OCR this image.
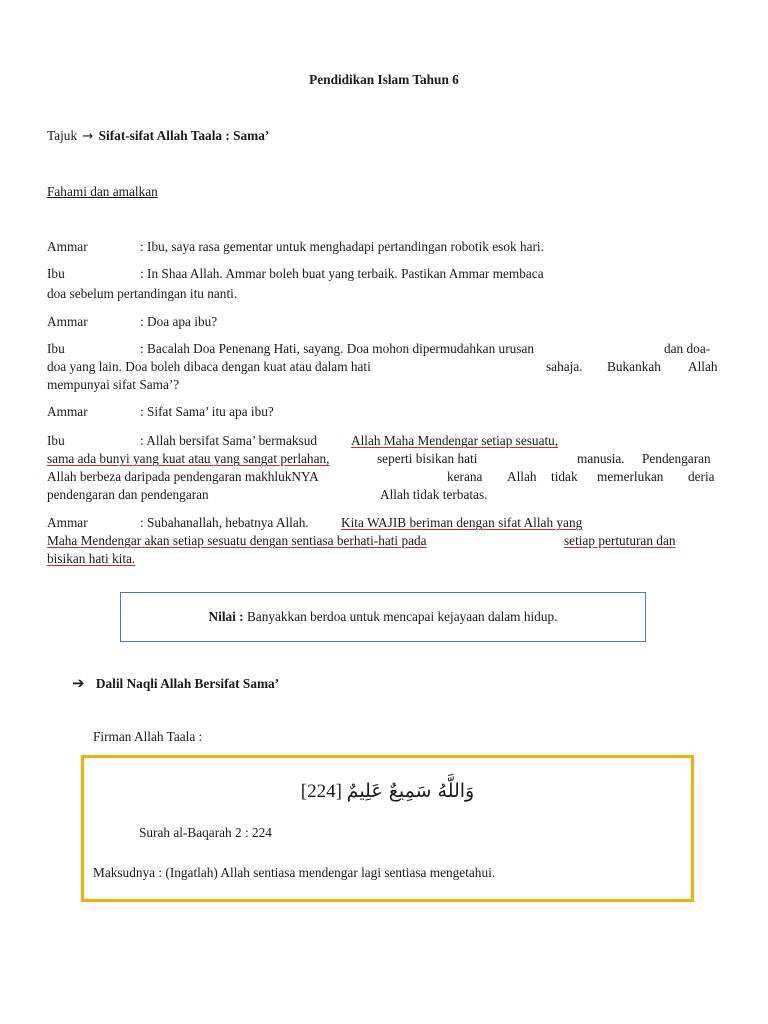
Pendidikan Islam Tahun 6
Tajuk → Sifat-sifat Allah Taala : Sama’
Fahami dan amalkan
Ammar	: Ibu, saya rasa gementar untuk menghadapi pertandingan robotik esok hari.
Ibu	: In Shaa Allah. Ammar boleh buat yang terbaik. Pastikan Ammar membaca
doa sebelum pertandingan itu nanti.
Ammar	: Doa apa ibu?
Ibu	: Bacalah Doa Penenang Hati, sayang. Doa mohon dipermudahkan urusan	dan doa-
doa yang lain. Doa boleh dibaca dengan kuat atau dalam hati	sahaja. Bukankah Allah
mempunyai sifat Sama’?
Ammar	: Sifat Sama’ itu apa ibu?
Ibu	: Allah bersifat Sama’ bermaksud	Allah Maha Mendengar setiap sesuatu,
sama ada bunyi yang kuat atau yang sangat perlahan,	seperti bisikan hati	manusia. Pendengaran
Allah berbeza daripada pendengaran makhlukNYA	kerana Allah tidak memerlukan deria
pendengaran dan pendengaran	Allah tidak terbatas.
Ammar	: Subahanallah, hebatnya Allah. Kita WAJIB beriman dengan sifat Allah yang
Maha Mendengar akan setiap sesuatu dengan sentiasa berhati-hati pada	setiap pertuturan dan
bisikan hati kita.
Nilai :
Banyakkan berdoa untuk mencapai kejayaan dalam hidup.
➔ Dalil Naqli Allah Bersifat Sama’
Firman Allah Taala :
[224] وَاللَّهُ سَمِيعٌ عَلِيمٌ
Surah al-Baqarah 2 : 224
Maksudnya : (Ingatlah) Allah sentiasa mendengar lagi sentiasa mengetahui.
